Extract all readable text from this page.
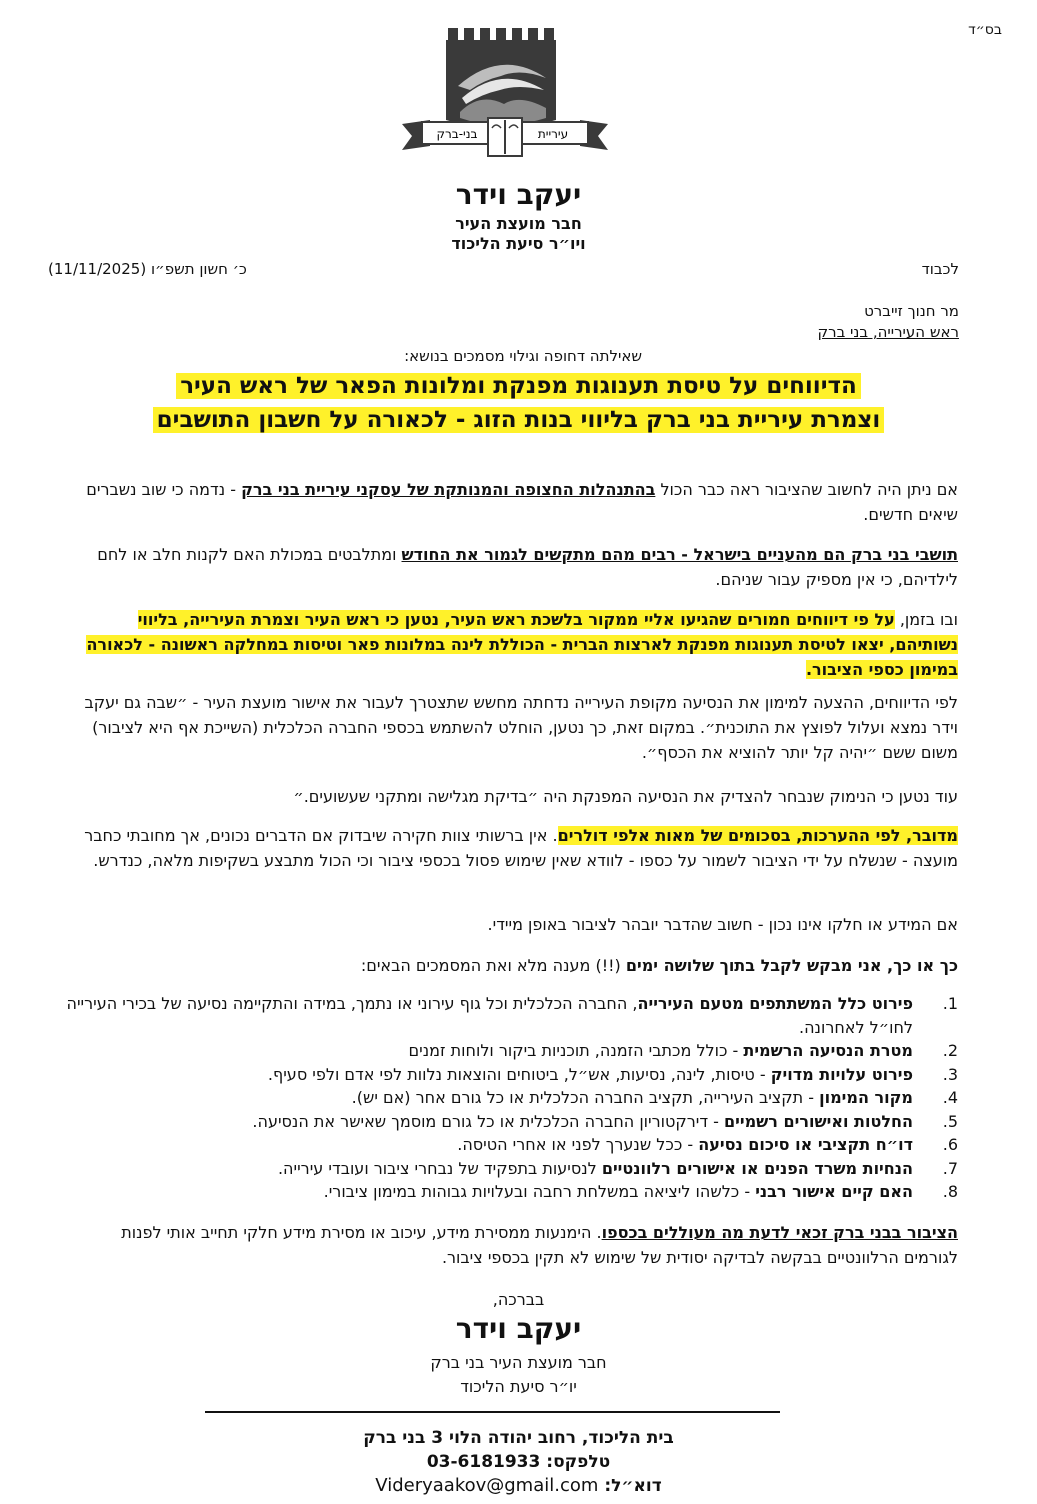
בס״ד
בני-ברק	עיריית
יעקב וידר
חבר מועצת העיר
ויו״ר סיעת הליכוד
כ׳ חשון תשפ״ו (11/11/2025)	לכבוד
מר חנוך זייברט
ראש העירייה, בני ברק
שאילתה דחופה וגילוי מסמכים בנושא:
הדיווחים על טיסת תענוגות מפנקת ומלונות הפאר של ראש העיר
וצמרת עיריית בני ברק בליווי בנות הזוג - לכאורה על חשבון התושבים
אם ניתן היה לחשוב שהציבור ראה כבר הכול בהתנהלות החצופה והמנותקת של עסקני עיריית בני ברק - נדמה כי שוב נשברים שיאים חדשים.
תושבי בני ברק הם מהעניים בישראל - רבים מהם מתקשים לגמור את החודש ומתלבטים במכולת האם לקנות חלב או לחם לילדיהם, כי אין מספיק עבור שניהם.
ובו בזמן, על פי דיווחים חמורים שהגיעו אליי ממקור בלשכת ראש העיר, נטען כי ראש העיר וצמרת העירייה, בליווי נשותיהם, יצאו לטיסת תענוגות מפנקת לארצות הברית - הכוללת לינה במלונות פאר וטיסות במחלקה ראשונה - לכאורה במימון כספי הציבור.
לפי הדיווחים, ההצעה למימון את הנסיעה מקופת העירייה נדחתה מחשש שתצטרך לעבור את אישור מועצת העיר - ״שבה גם יעקב וידר נמצא ועלול לפוצץ את התוכנית״. במקום זאת, כך נטען, הוחלט להשתמש בכספי החברה הכלכלית (השייכת אף היא לציבור) משום ששם ״יהיה קל יותר להוציא את הכסף״.
עוד נטען כי הנימוק שנבחר להצדיק את הנסיעה המפנקת היה ״בדיקת מגלישה ומתקני שעשועים.״
מדובר, לפי ההערכות, בסכומים של מאות אלפי דולרים. אין ברשותי צוות חקירה שיבדוק אם הדברים נכונים, אך מחובתי כחבר מועצה - שנשלח על ידי הציבור לשמור על כספו - לוודא שאין שימוש פסול בכספי ציבור וכי הכול מתבצע בשקיפות מלאה, כנדרש.
אם המידע או חלקו אינו נכון - חשוב שהדבר יובהר לציבור באופן מיידי.
כך או כך, אני מבקש לקבל בתוך שלושה ימים (!!) מענה מלא ואת המסמכים הבאים:
1.
פירוט כלל המשתתפים מטעם העירייה, החברה הכלכלית וכל גוף עירוני או נתמך, במידה והתקיימה נסיעה של בכירי העירייה לחו״ל לאחרונה.
2.
מטרת הנסיעה הרשמית - כולל מכתבי הזמנה, תוכניות ביקור ולוחות זמנים
3.
פירוט עלויות מדויק - טיסות, לינה, נסיעות, אש״ל, ביטוחים והוצאות נלוות לפי אדם ולפי סעיף.
4.
מקור המימון - תקציב העירייה, תקציב החברה הכלכלית או כל גורם אחר (אם יש).
5.
החלטות ואישורים רשמיים - דירקטוריון החברה הכלכלית או כל גורם מוסמך שאישר את הנסיעה.
6.
דו״ח תקציבי או סיכום נסיעה - ככל שנערך לפני או אחרי הטיסה.
7.
הנחיות משרד הפנים או אישורים רלוונטיים לנסיעות בתפקיד של נבחרי ציבור ועובדי עירייה.
8.
האם קיים אישור רבני - כלשהו ליציאה במשלחת רחבה ובעלויות גבוהות במימון ציבורי.
הציבור בבני ברק זכאי לדעת מה מעוללים בכספו. הימנעות ממסירת מידע, עיכוב או מסירת מידע חלקי תחייב אותי לפנות לגורמים הרלוונטיים בבקשה לבדיקה יסודית של שימוש לא תקין בכספי ציבור.
בברכה,
יעקב וידר
חבר מועצת העיר בני ברק
יו״ר סיעת הליכוד
בית הליכוד, רחוב יהודה הלוי 3 בני ברק
טלפקס: 03-6181933
דוא״ל: Videryaakov@gmail.com
